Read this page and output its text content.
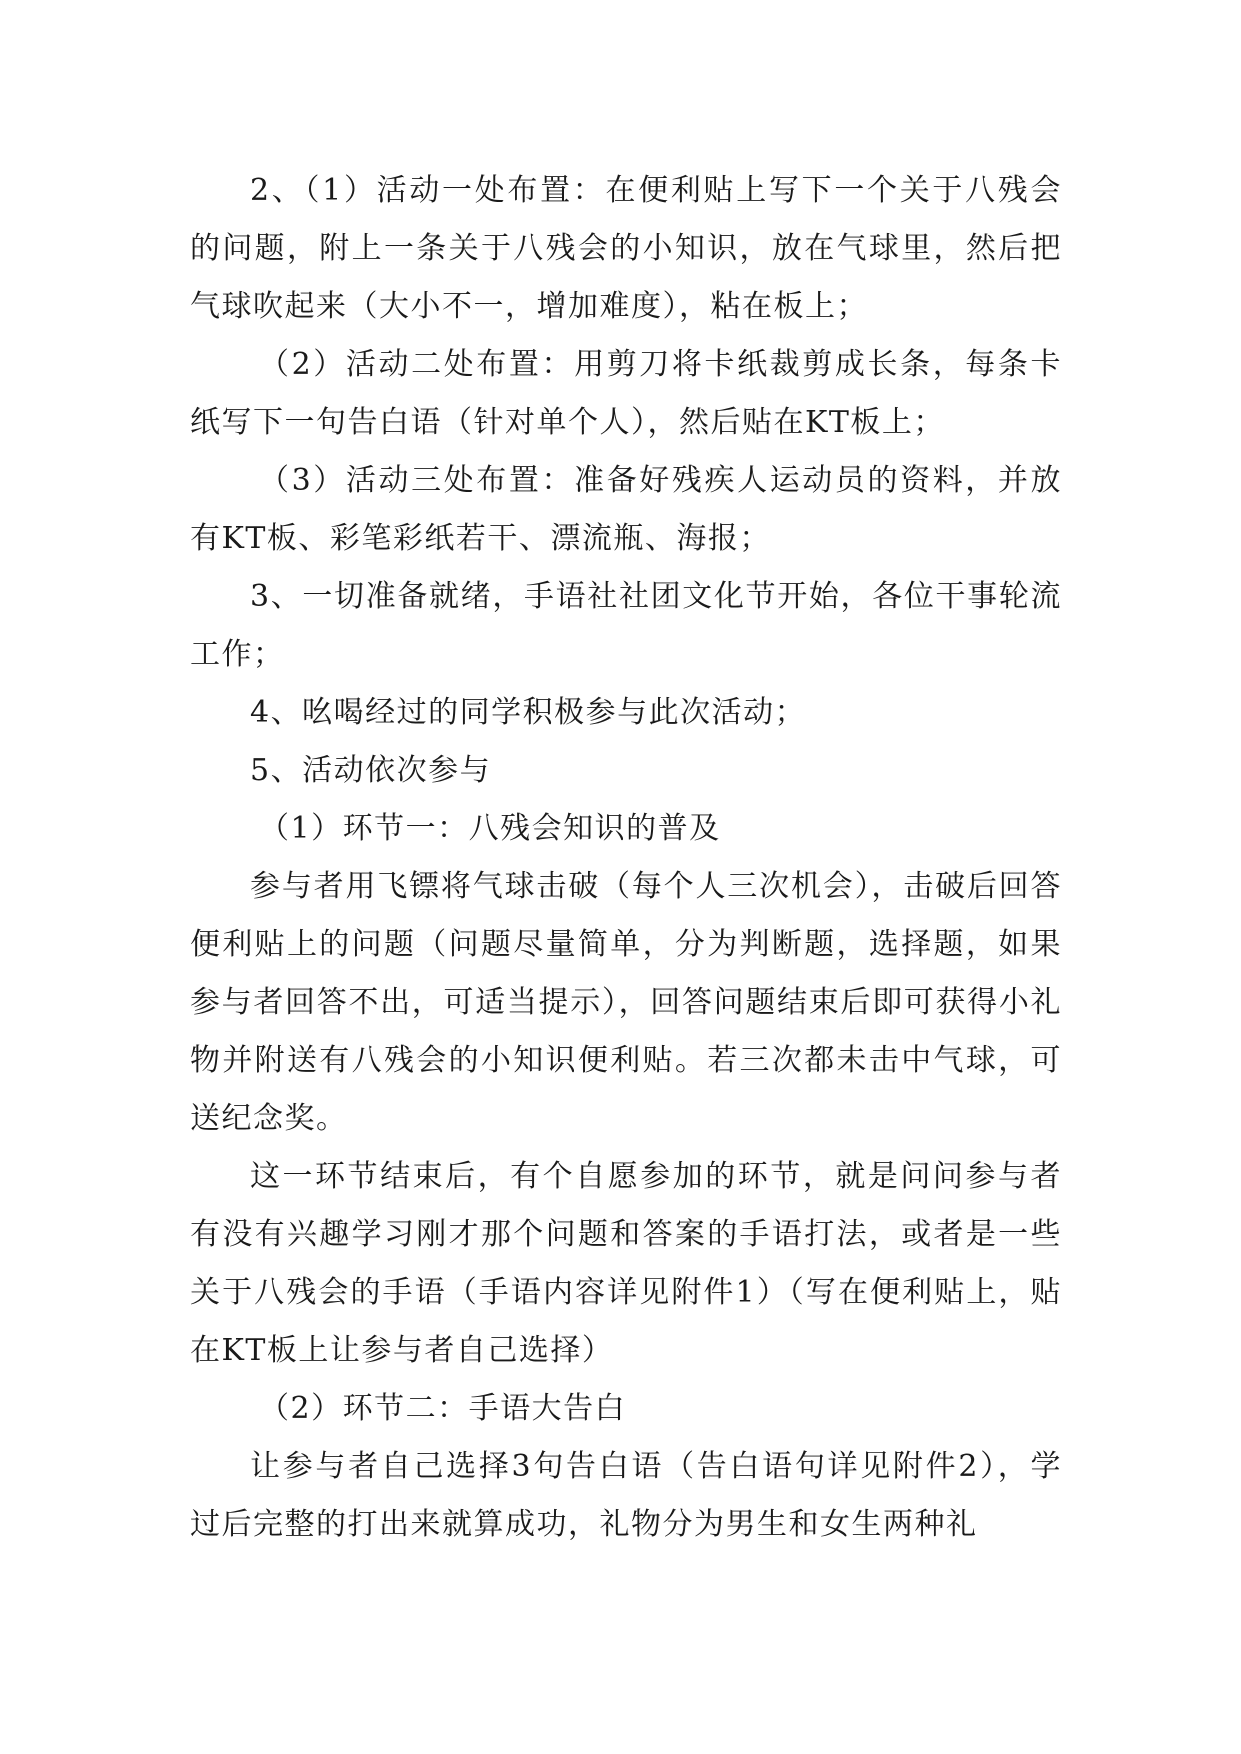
2、（1）活动一处布置：在便利贴上写下一个关于八残会的问题，附上一条关于八残会的小知识，放在气球里，然后把气球吹起来（大小不一，增加难度），粘在板上；

（2）活动二处布置：用剪刀将卡纸裁剪成长条，每条卡纸写下一句告白语（针对单个人），然后贴在KT板上；

（3）活动三处布置：准备好残疾人运动员的资料，并放有KT板、彩笔彩纸若干、漂流瓶、海报；

3、一切准备就绪，手语社社团文化节开始，各位干事轮流工作；

4、吆喝经过的同学积极参与此次活动；

5、活动依次参与

（1）环节一：八残会知识的普及

参与者用飞镖将气球击破（每个人三次机会），击破后回答便利贴上的问题（问题尽量简单，分为判断题，选择题，如果参与者回答不出，可适当提示），回答问题结束后即可获得小礼物并附送有八残会的小知识便利贴。若三次都未击中气球，可送纪念奖。

这一环节结束后，有个自愿参加的环节，就是问问参与者有没有兴趣学习刚才那个问题和答案的手语打法，或者是一些关于八残会的手语（手语内容详见附件1）（写在便利贴上，贴在KT板上让参与者自己选择）

（2）环节二：手语大告白

让参与者自己选择3句告白语（告白语句详见附件2），学过后完整的打出来就算成功，礼物分为男生和女生两种礼
